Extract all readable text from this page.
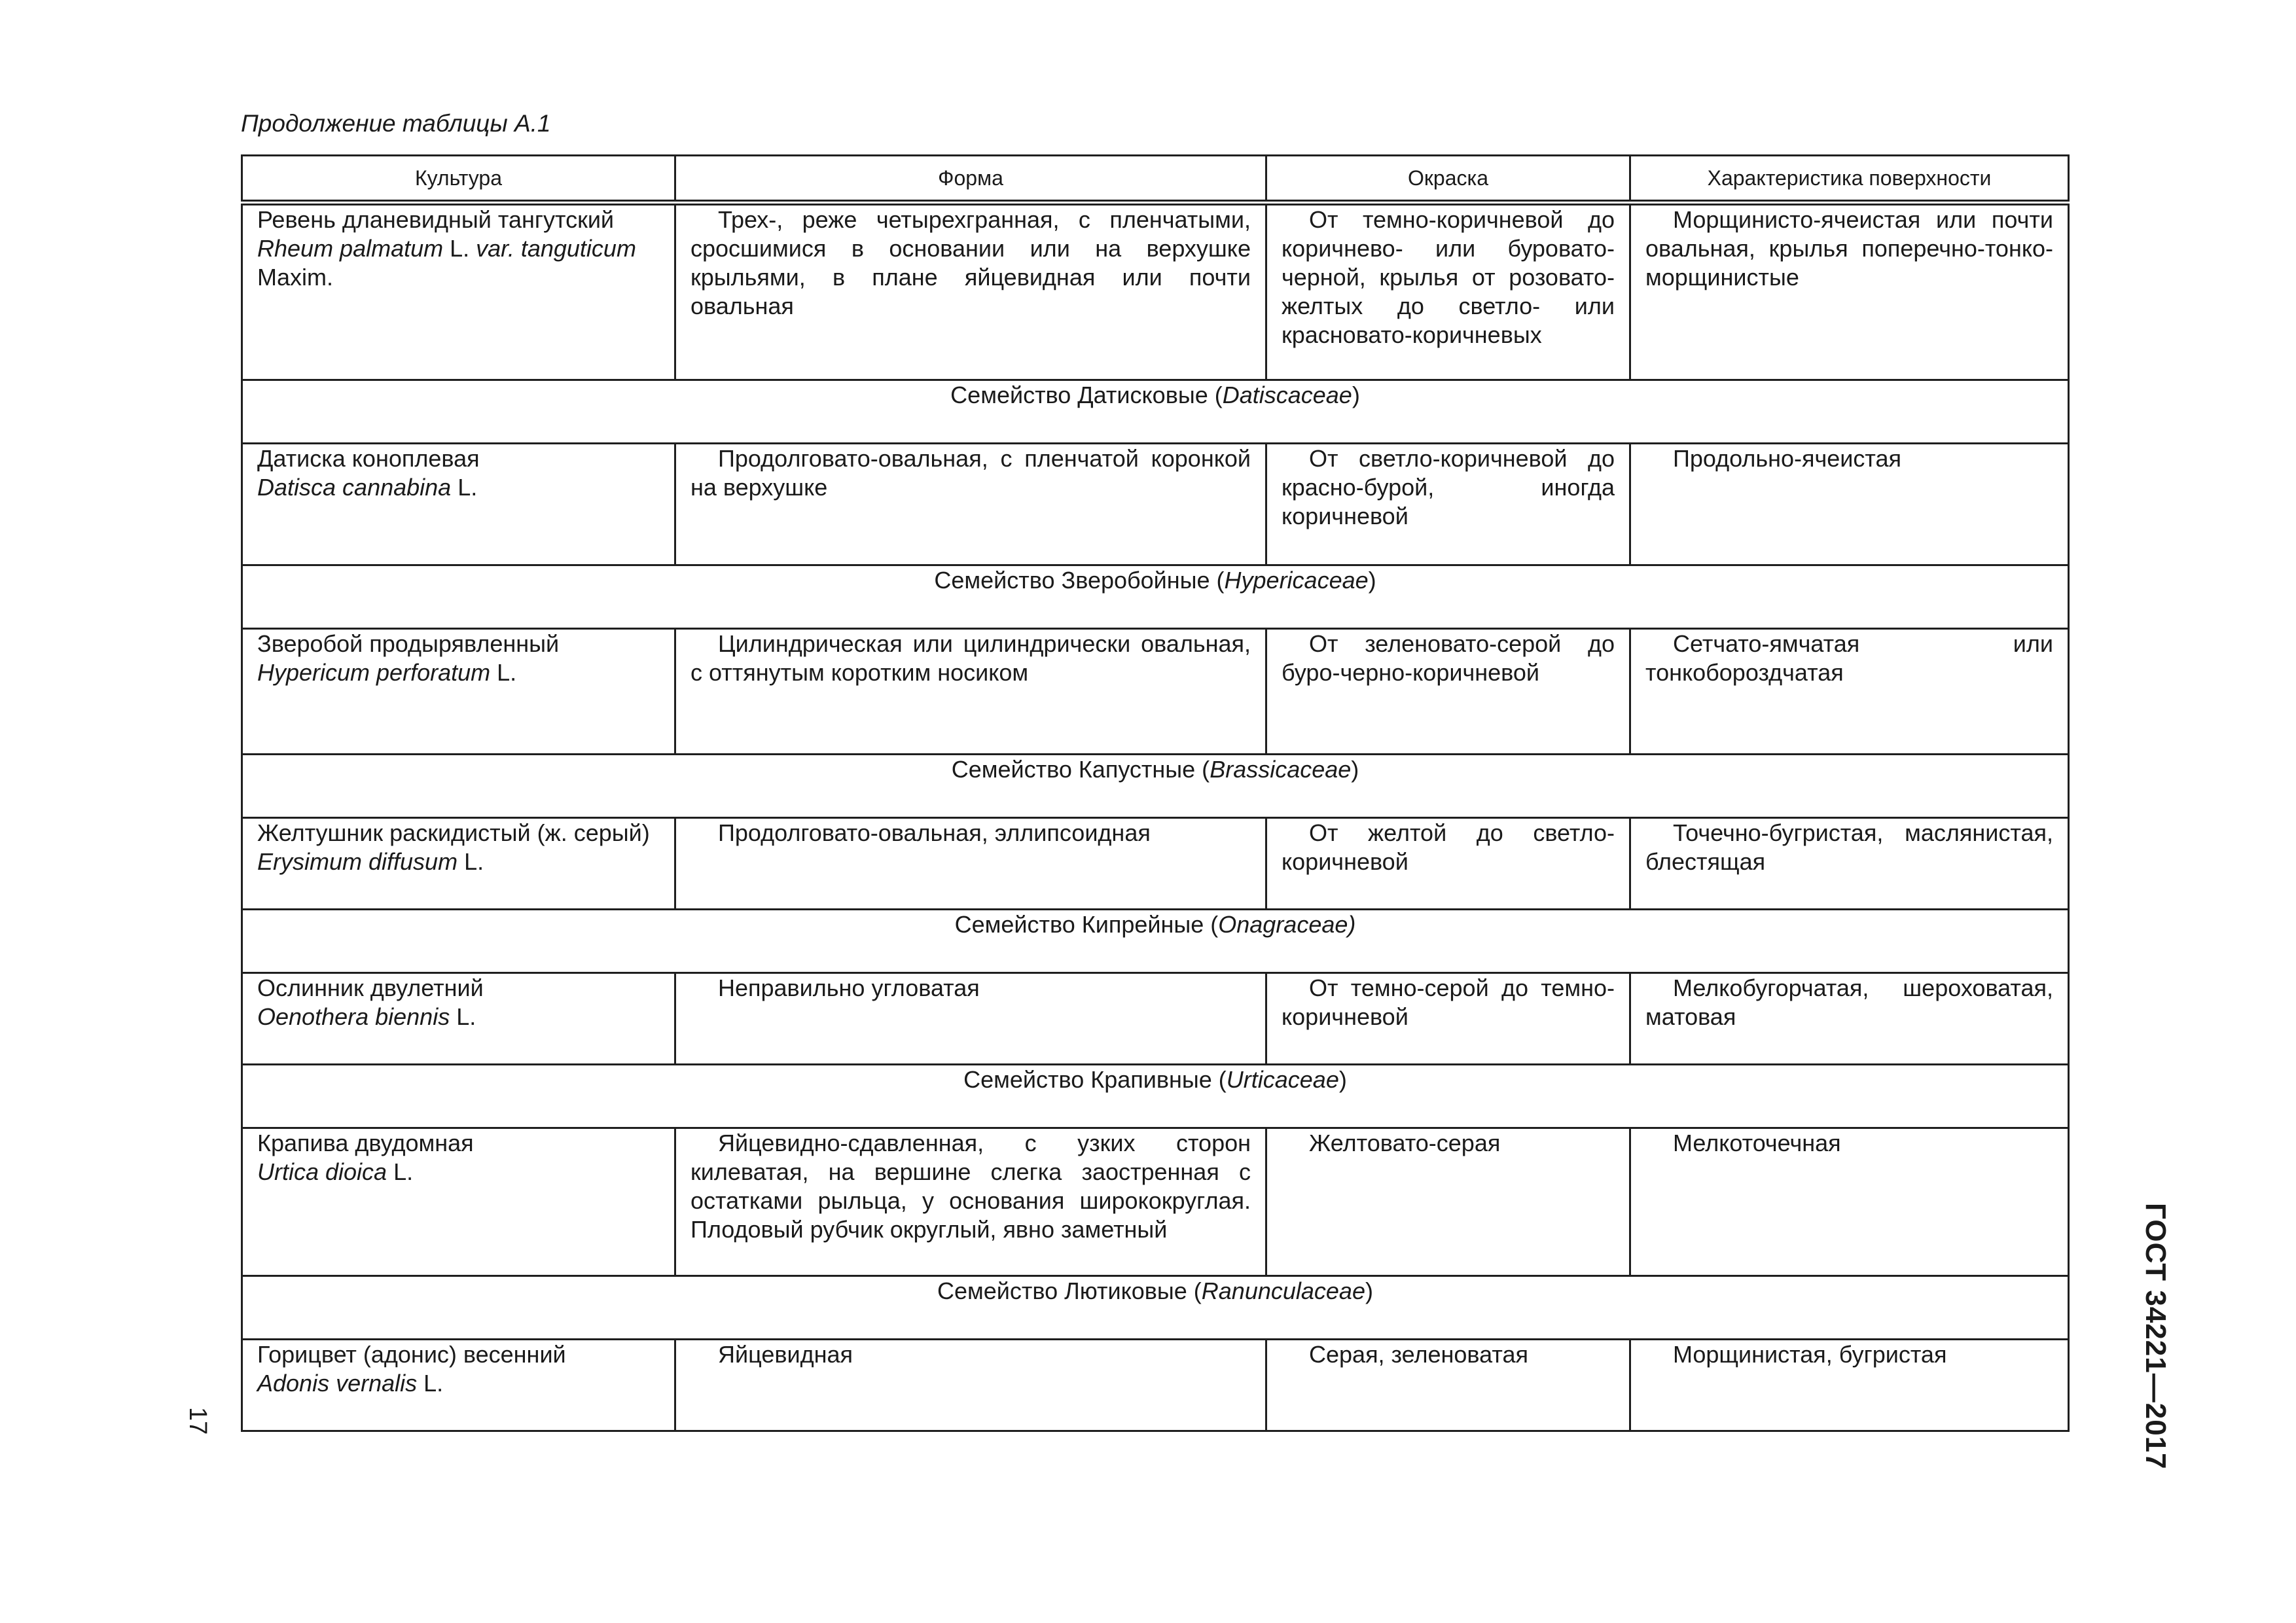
Продолжение таблицы А.1
Культура	Форма	Окраска	Характеристика поверхности
Ревень дланевидный тангутский
Rheum palmatum L. var. tanguticum
Maxim.	Трех-, реже четырехгранная, с пленчатыми, сросшимися в основании или на верхушке крыльями, в плане яйцевидная или почти овальная	От темно-коричневой до коричнево- или буровато-черной, крылья от розовато-желтых до светло- или красновато-коричневых	Морщинисто-ячеистая или почти овальная, крылья поперечно-тонко-морщинистые
Семейство Датисковые (Datiscaceae)			
Датиска коноплевая
Datisca cannabina L.	Продолговато-овальная, с пленчатой коронкой на верхушке	От светло-коричневой до красно-бурой, иногда коричневой	Продольно-ячеистая
Семейство Зверобойные (Hypericaceae)			
Зверобой продырявленный
Hypericum perforatum L.	Цилиндрическая или цилиндрически овальная, с оттянутым коротким носиком	От зеленовато-серой до буро-черно-коричневой	Сетчато-ямчатая или тонкобороздчатая
Семейство Капустные (Brassicaceae)			
Желтушник раскидистый (ж. серый)
Erysimum diffusum L.	Продолговато-овальная, эллипсоидная	От желтой до светло-коричневой	Точечно-бугристая, маслянистая, блестящая
Семейство Кипрейные (Onagraceae)			
Ослинник двулетний
Oenothera biennis L.	Неправильно угловатая	От темно-серой до темно-коричневой	Мелкобугорчатая, шероховатая, матовая
Семейство Крапивные (Urticaceae)			
Крапива двудомная
Urtica dioica L.	Яйцевидно-сдавленная, с узких сторон килеватая, на вершине слегка заостренная с остатками рыльца, у основания ширококруглая. Плодовый рубчик округлый, явно заметный	Желтовато-серая	Мелкоточечная
Семейство Лютиковые (Ranunculaceae)			
Горицвет (адонис) весенний
Adonis vernalis L.	Яйцевидная	Серая, зеленоватая	Морщинистая, бугристая	ГОСТ 34221—2017
17
